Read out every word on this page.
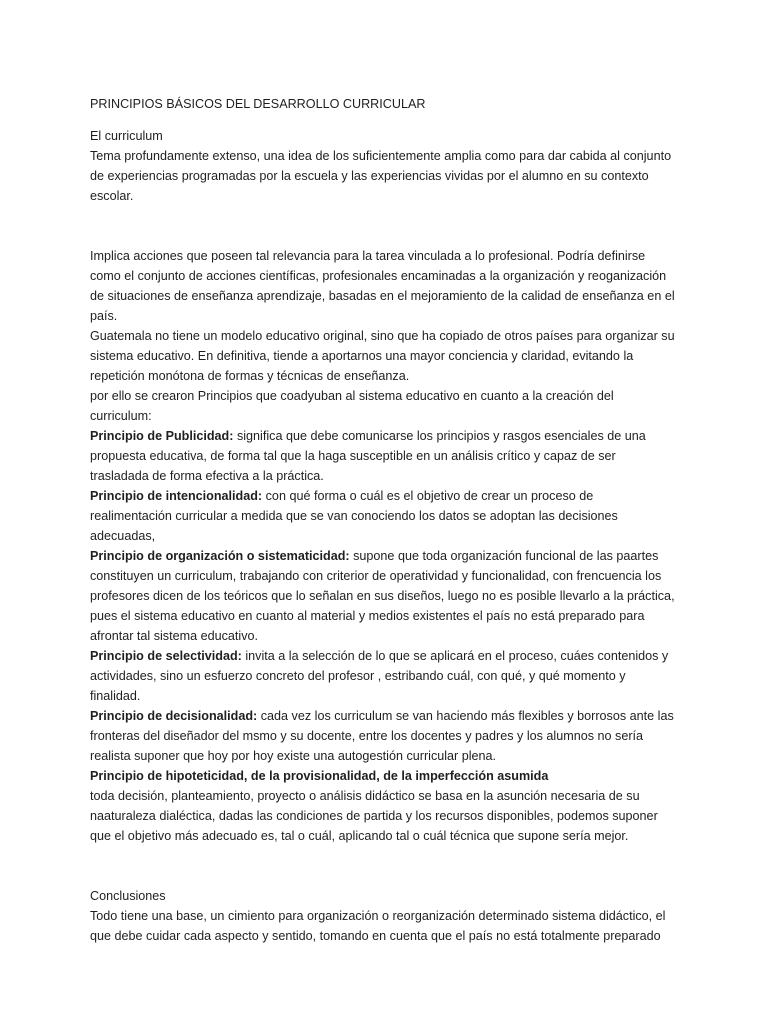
PRINCIPIOS BÁSICOS DEL DESARROLLO CURRICULAR
El curriculum
Tema profundamente extenso, una idea de los suficientemente amplia como para dar cabida al conjunto de experiencias programadas por la escuela y las experiencias vividas por el alumno en su contexto escolar.
Implica acciones que poseen tal relevancia para la tarea vinculada a lo profesional. Podría definirse como el conjunto de acciones científicas, profesionales encaminadas a la organización y reoganización de situaciones de enseñanza aprendizaje, basadas en el mejoramiento de la calidad de enseñanza en el país.
Guatemala no tiene un modelo educativo original, sino que ha copiado de otros países para organizar su sistema educativo. En definitiva, tiende a aportarnos una mayor conciencia y claridad, evitando la repetición monótona de formas y técnicas de enseñanza.
por ello se crearon Principios que coadyuban al sistema educativo en cuanto a la creación del curriculum:
Principio de Publicidad: significa que debe comunicarse los principios y rasgos esenciales de una propuesta educativa, de forma tal que la haga susceptible en un análisis crítico y capaz de ser trasladada de forma efectiva a la práctica.
Principio de intencionalidad: con qué forma o cuál es el objetivo de crear un proceso de realimentación curricular a medida que se van conociendo los datos se adoptan las decisiones adecuadas,
Principio de organización o sistematicidad: supone que toda organización funcional de las paartes constituyen un curriculum, trabajando con criterior de operatividad y funcionalidad, con frencuencia los profesores dicen de los teóricos que lo señalan en sus diseños, luego no es posible llevarlo a la práctica, pues el sistema educativo en cuanto al material y medios existentes el país no está preparado para afrontar tal sistema educativo.
Principio de selectividad: invita a la selección de lo que se aplicará en el proceso, cuáes contenidos y actividades, sino un esfuerzo concreto del profesor , estribando cuál, con qué, y qué momento y finalidad.
Principio de decisionalidad: cada vez los curriculum se van haciendo más flexibles y borrosos ante las fronteras del diseñador del msmo y su docente, entre los docentes y padres y los alumnos no sería realista suponer que hoy por hoy existe una autogestión curricular plena.
Principio de hipoteticidad, de la provisionalidad, de la imperfección asumida
toda decisión, planteamiento, proyecto o análisis didáctico se basa en la asunción necesaria de su naaturaleza dialéctica, dadas las condiciones de partida y los recursos disponibles, podemos suponer que el objetivo más adecuado es, tal o cuál, aplicando tal o cuál técnica que supone sería mejor.
Conclusiones
Todo tiene una base, un cimiento para organización o reorganización determinado sistema didáctico, el que debe cuidar cada aspecto y sentido, tomando en cuenta que el país no está totalmente preparado
